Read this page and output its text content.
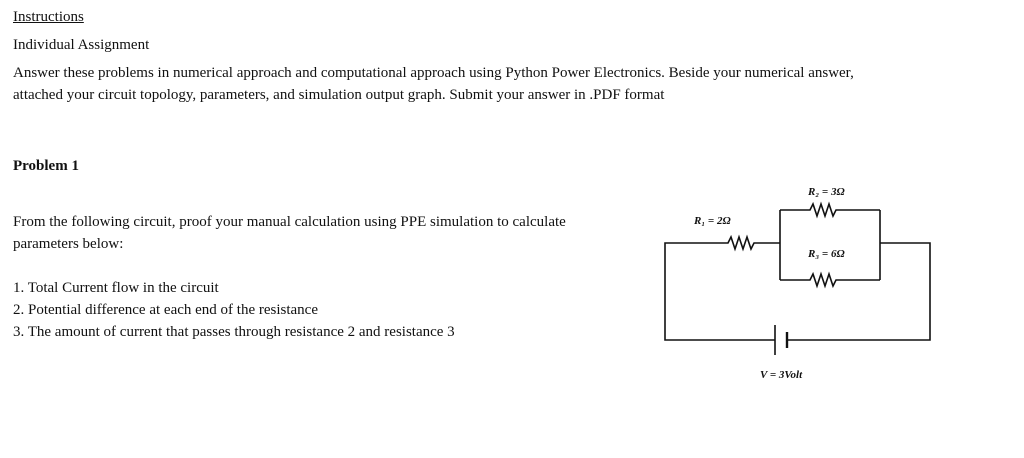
Instructions
Individual Assignment
Answer these problems in numerical approach and computational approach using Python Power Electronics. Beside your numerical answer,
attached your circuit topology, parameters, and simulation output graph. Submit your answer in .PDF format
Problem 1
From the following circuit, proof your manual calculation using PPE simulation to calculate
parameters below:
1. Total Current flow in the circuit
2. Potential difference at each end of the resistance
3. The amount of current that passes through resistance 2 and resistance 3
R₁ = 2Ω
R₂ = 3Ω
R₃ = 6Ω
V = 3Volt
